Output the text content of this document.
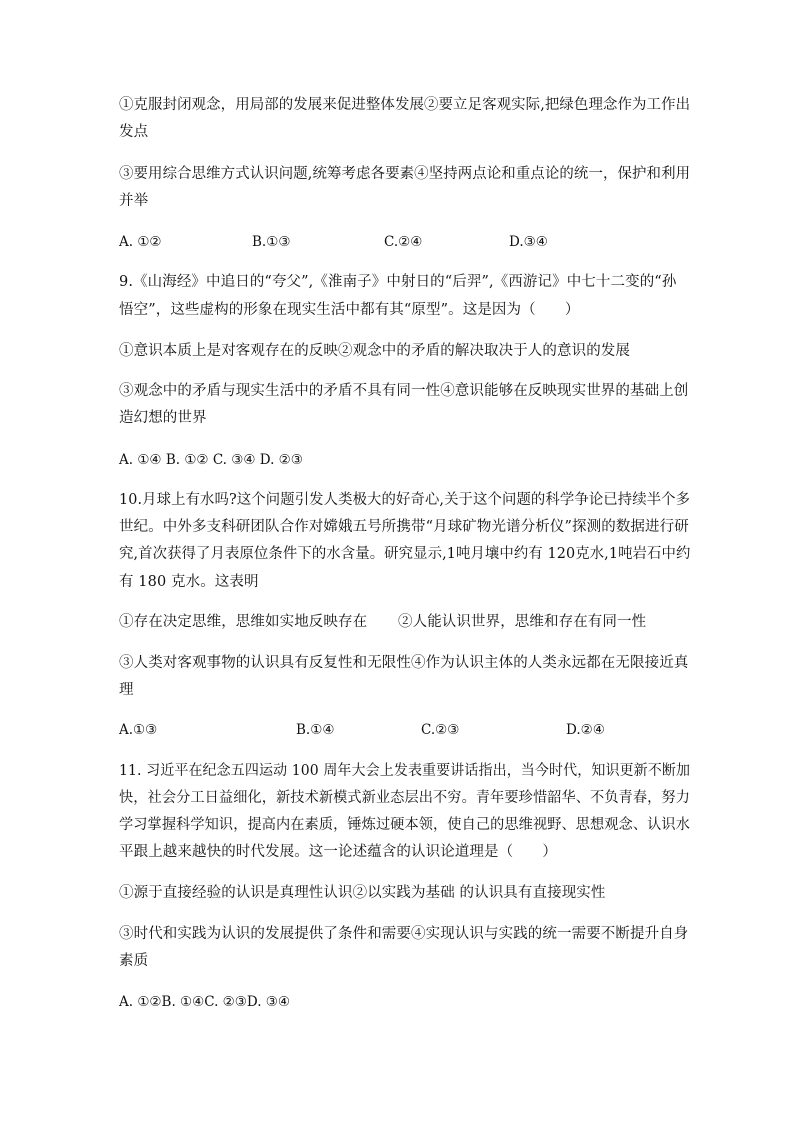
①克服封闭观念，用局部的发展来促进整体发展②要立足客观实际,把绿色理念作为工作出
发点
③要用综合思维方式认识问题,统筹考虑各要素④坚持两点论和重点论的统一，保护和利用
并举
A. ①②	B.①③	C.②④	D.③④
9.《山海经》中追日的“夸父”,《淮南子》中射日的“后羿”,《西游记》中七十二变的“孙
悟空”，这些虚构的形象在现实生活中都有其“原型”。这是因为（　　）
①意识本质上是对客观存在的反映②观念中的矛盾的解决取决于人的意识的发展
③观念中的矛盾与现实生活中的矛盾不具有同一性④意识能够在反映现实世界的基础上创
造幻想的世界
A. ①④ B. ①② C. ③④ D. ②③
10.月球上有水吗?这个问题引发人类极大的好奇心,关于这个问题的科学争论已持续半个多
世纪。中外多支科研团队合作对嫦娥五号所携带“月球矿物光谱分析仪”探测的数据进行研
究,首次获得了月表原位条件下的水含量。研究显示,1吨月壤中约有 120克水,1吨岩石中约
有 180 克水。这表明
①存在决定思维，思维如实地反映存在 ②人能认识世界，思维和存在有同一性
③人类对客观事物的认识具有反复性和无限性④作为认识主体的人类永远都在无限接近真
理
A.①③	B.①④	C.②③	D.②④
11. 习近平在纪念五四运动 100 周年大会上发表重要讲话指出，当今时代，知识更新不断加
快，社会分工日益细化，新技术新模式新业态层出不穷。青年要珍惜韶华、不负青春，努力
学习掌握科学知识，提高内在素质，锤炼过硬本领，使自己的思维视野、思想观念、认识水
平跟上越来越快的时代发展。这一论述蕴含的认识论道理是（　　）
①源于直接经验的认识是真理性认识②以实践为基础 的认识具有直接现实性
③时代和实践为认识的发展提供了条件和需要④实现认识与实践的统一需要不断提升自身
素质
A. ①②B. ①④C. ②③D. ③④
